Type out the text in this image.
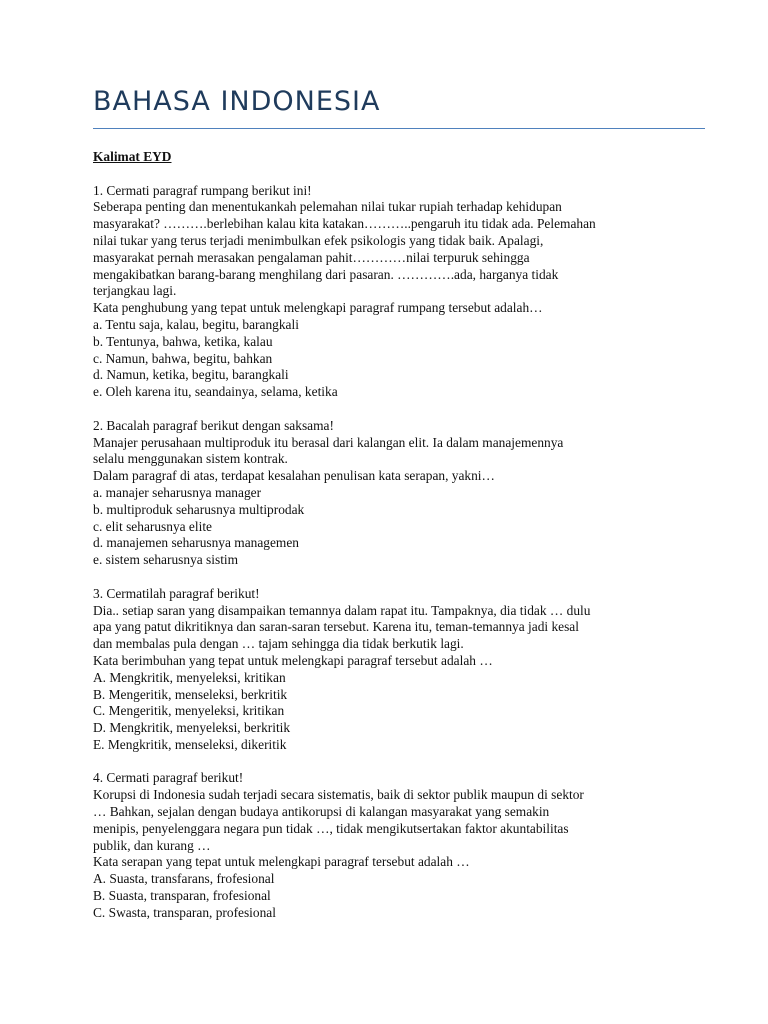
BAHASA INDONESIA
Kalimat EYD
1. Cermati paragraf rumpang berikut ini!
Seberapa penting dan menentukankah pelemahan nilai tukar rupiah terhadap kehidupan
masyarakat? ……….berlebihan kalau kita katakan………..pengaruh itu tidak ada. Pelemahan
nilai tukar yang terus terjadi menimbulkan efek psikologis yang tidak baik. Apalagi,
masyarakat pernah merasakan pengalaman pahit…………nilai terpuruk sehingga
mengakibatkan barang-barang menghilang dari pasaran. ………….ada, harganya tidak
terjangkau lagi.
Kata penghubung yang tepat untuk melengkapi paragraf rumpang tersebut adalah…
a. Tentu saja, kalau, begitu, barangkali
b. Tentunya, bahwa, ketika, kalau
c. Namun, bahwa, begitu, bahkan
d. Namun, ketika, begitu, barangkali
e. Oleh karena itu, seandainya, selama, ketika
2. Bacalah paragraf berikut dengan saksama!
Manajer perusahaan multiproduk itu berasal dari kalangan elit. Ia dalam manajemennya
selalu menggunakan sistem kontrak.
Dalam paragraf di atas, terdapat kesalahan penulisan kata serapan, yakni…
a. manajer seharusnya manager
b. multiproduk seharusnya multiprodak
c. elit seharusnya elite
d. manajemen seharusnya managemen
e. sistem seharusnya sistim
3. Cermatilah paragraf berikut!
Dia.. setiap saran yang disampaikan temannya dalam rapat itu. Tampaknya, dia tidak … dulu
apa yang patut dikritiknya dan saran-saran tersebut. Karena itu, teman-temannya jadi kesal
dan membalas pula dengan … tajam sehingga dia tidak berkutik lagi.
Kata berimbuhan yang tepat untuk melengkapi paragraf tersebut adalah …
A. Mengkritik, menyeleksi, kritikan
B. Mengeritik, menseleksi, berkritik
C. Mengeritik, menyeleksi, kritikan
D. Mengkritik, menyeleksi, berkritik
E. Mengkritik, menseleksi, dikeritik
4. Cermati paragraf berikut!
Korupsi di Indonesia sudah terjadi secara sistematis, baik di sektor publik maupun di sektor
… Bahkan, sejalan dengan budaya antikorupsi di kalangan masyarakat yang semakin
menipis, penyelenggara negara pun tidak …, tidak mengikutsertakan faktor akuntabilitas
publik, dan kurang …
Kata serapan yang tepat untuk melengkapi paragraf tersebut adalah …
A. Suasta, transfarans, frofesional
B. Suasta, transparan, frofesional
C. Swasta, transparan, profesional
